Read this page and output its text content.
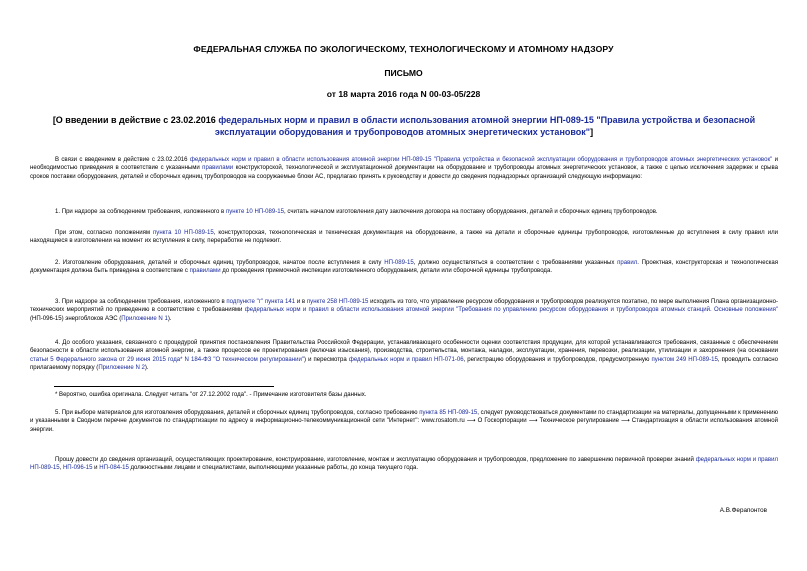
ФЕДЕРАЛЬНАЯ СЛУЖБА ПО ЭКОЛОГИЧЕСКОМУ, ТЕХНОЛОГИЧЕСКОМУ И АТОМНОМУ НАДЗОРУ
ПИСЬМО
от 18 марта 2016 года N 00-03-05/228
[О введении в действие с 23.02.2016 федеральных норм и правил в области использования атомной энергии НП-089-15 "Правила устройства и безопасной эксплуатации оборудования и трубопроводов атомных энергетических установок"]
В связи с введением в действие с 23.02.2016 федеральных норм и правил в области использования атомной энергии НП-089-15 "Правила устройства и безопасной эксплуатации оборудования и трубопроводов атомных энергетических установок" и необходимостью приведения в соответствие с указанными правилами конструкторской, технологической и эксплуатационной документации на оборудование и трубопроводы атомных энергетических установок, а также с целью исключения задержек и срыва сроков поставки оборудования, деталей и сборочных единиц трубопроводов на сооружаемые блоки АС, предлагаю принять к руководству и довести до сведения поднадзорных организаций следующую информацию:
1. При надзоре за соблюдением требования, изложенного в пункте 10 НП-089-15, считать началом изготовления дату заключения договора на поставку оборудования, деталей и сборочных единиц трубопроводов.
При этом, согласно положениям пункта 10 НП-089-15, конструкторская, технологическая и техническая документация на оборудование, а также на детали и сборочные единицы трубопроводов, изготовленные до вступления в силу правил или находящиеся в изготовлении на момент их вступления в силу, переработке не подлежит.
2. Изготовление оборудования, деталей и сборочных единиц трубопроводов, начатое после вступления в силу НП-089-15, должно осуществляться в соответствии с требованиями указанных правил. Проектная, конструкторская и технологическая документация должна быть приведена в соответствие с правилами до проведения приемочной инспекции изготовленного оборудования, детали или сборочной единицы трубопровода.
3. При надзоре за соблюдением требования, изложенного в подпункте "г" пункта 141 и в пункте 258 НП-089-15 исходить из того, что управление ресурсом оборудования и трубопроводов реализуется поэтапно, по мере выполнения Плана организационно-технических мероприятий по приведению в соответствие с требованиями федеральных норм и правил в области использования атомной энергии "Требования по управлению ресурсом оборудования и трубопроводов атомных станций. Основные положения" (НП-096-15) энергоблоков АЭС (Приложение N 1).
4. До особого указания, связанного с процедурой принятия постановления Правительства Российской Федерации, устанавливающего особенности оценки соответствия продукции, для которой устанавливаются требования, связанные с обеспечением безопасности в области использования атомной энергии, а также процессов ее проектирования (включая изыскания), производства, строительства, монтажа, наладки, эксплуатации, хранения, перевозки, реализации, утилизации и захоронения (на основании статьи 5 Федерального закона от 29 июня 2015 года* N 184-ФЗ "О техническом регулировании") и пересмотра федеральных норм и правил НП-071-06, регистрацию оборудования и трубопроводов, предусмотренную пунктом 249 НП-089-15, проводить согласно прилагаемому порядку (Приложение N 2).
* Вероятно, ошибка оригинала. Следует читать "от 27.12.2002 года". - Примечание изготовителя базы данных.
5. При выборе материалов для изготовления оборудования, деталей и сборочных единиц трубопроводов, согласно требованию пункта 85 НП-089-15, следует руководствоваться документами по стандартизации на материалы, допущенными к применению и указанными в Сводном перечне документов по стандартизации по адресу в информационно-телекоммуникационной сети "Интернет": www.rosatom.ru ⟶ О Госкорпорации ⟶ Техническое регулирование ⟶ Стандартизация в области использования атомной энергии.
Прошу довести до сведения организаций, осуществляющих проектирование, конструирование, изготовление, монтаж и эксплуатацию оборудования и трубопроводов, предложение по завершению первичной проверки знаний федеральных норм и правил НП-089-15, НП-096-15 и НП-084-15 должностными лицами и специалистами, выполняющими указанные работы, до конца текущего года.
А.В.Ферапонтов
